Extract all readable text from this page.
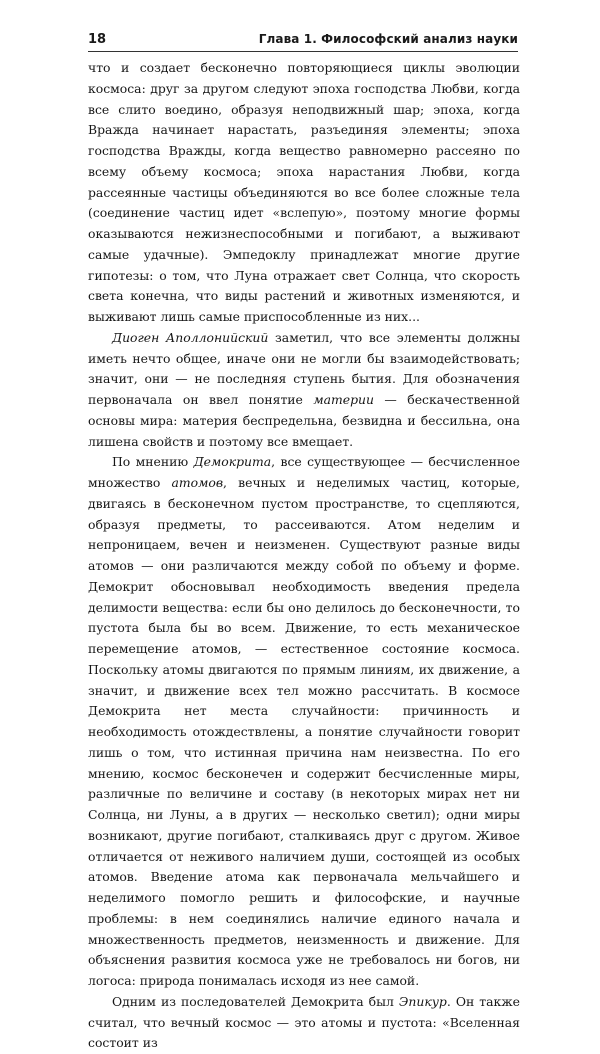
18	Глава 1. Философский анализ науки

что и создает бесконечно повторяющиеся циклы эволюции космоса: друг за другом следуют эпоха господства Любви, когда все слито воедино, образуя неподвижный шар; эпоха, когда Вражда начинает нарастать, разъединяя элементы; эпоха господства Вражды, когда вещество равномерно рассеяно по всему объему космоса; эпоха нарастания Любви, когда рассеянные частицы объединяются во все более сложные тела (соединение частиц идет «вслепую», поэтому многие формы оказываются нежизнеспособными и погибают, а выживают самые удачные). Эмпедоклу принадлежат многие другие гипотезы: о том, что Луна отражает свет Солнца, что скорость света конечна, что виды растений и животных изменяются, и выживают лишь самые приспособленные из них...

Диоген Аполлонийский заметил, что все элементы должны иметь нечто общее, иначе они не могли бы взаимодействовать; значит, они — не последняя ступень бытия. Для обозначения первоначала он ввел понятие материи — бескачественной основы мира: материя беспредельна, безвидна и бессильна, она лишена свойств и поэтому все вмещает.

По мнению Демокрита, все существующее — бесчисленное множество атомов, вечных и неделимых частиц, которые, двигаясь в бесконечном пустом пространстве, то сцепляются, образуя предметы, то рассеиваются. Атом неделим и непроницаем, вечен и неизменен. Существуют разные виды атомов — они различаются между собой по объему и форме. Демокрит обосновывал необходимость введения предела делимости вещества: если бы оно делилось до бесконечности, то пустота была бы во всем. Движение, то есть механическое перемещение атомов, — естественное состояние космоса. Поскольку атомы двигаются по прямым линиям, их движение, а значит, и движение всех тел можно рассчитать. В космосе Демокрита нет места случайности: причинность и необходимость отождествлены, а понятие случайности говорит лишь о том, что истинная причина нам неизвестна. По его мнению, космос бесконечен и содержит бесчисленные миры, различные по величине и составу (в некоторых мирах нет ни Солнца, ни Луны, а в других — несколько светил); одни миры возникают, другие погибают, сталкиваясь друг с другом. Живое отличается от неживого наличием души, состоящей из особых атомов. Введение атома как первоначала мельчайшего и неделимого помогло решить и философские, и научные проблемы: в нем соединялись наличие единого начала и множественность предметов, неизменность и движение. Для объяснения развития космоса уже не требовалось ни богов, ни логоса: природа понималась исходя из нее самой.

Одним из последователей Демокрита был Эпикур. Он также считал, что вечный космос — это атомы и пустота: «Вселенная состоит из
